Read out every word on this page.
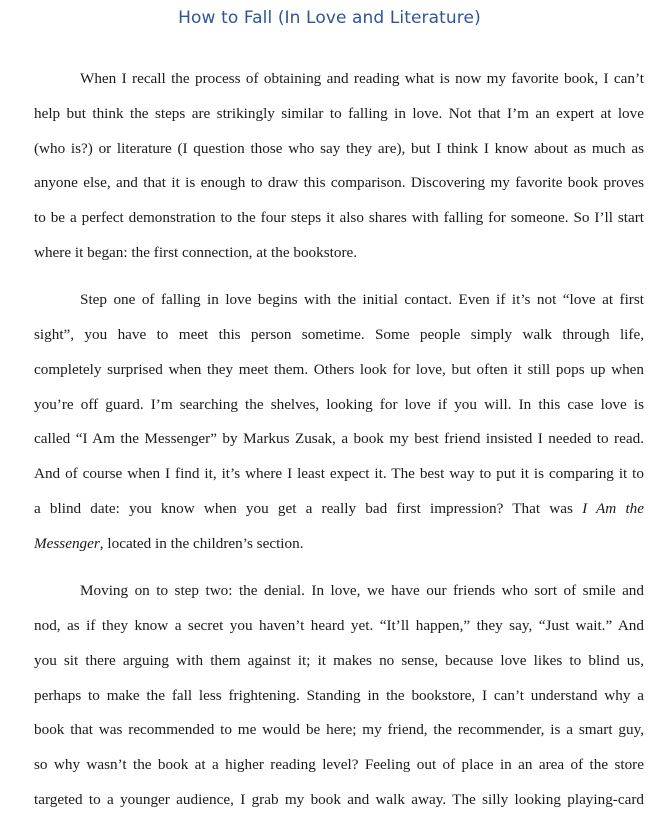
How to Fall (In Love and Literature)
When I recall the process of obtaining and reading what is now my favorite book, I can’t
help but think the steps are strikingly similar to falling in love. Not that I’m an expert at love
(who is?) or literature (I question those who say they are), but I think I know about as much as
anyone else, and that it is enough to draw this comparison. Discovering my favorite book proves
to be a perfect demonstration to the four steps it also shares with falling for someone. So I’ll start
where it began: the first connection, at the bookstore.
Step one of falling in love begins with the initial contact. Even if it’s not “love at first
sight”, you have to meet this person sometime. Some people simply walk through life,
completely surprised when they meet them. Others look for love, but often it still pops up when
you’re off guard. I’m searching the shelves, looking for love if you will. In this case love is
called “I Am the Messenger” by Markus Zusak, a book my best friend insisted I needed to read.
And of course when I find it, it’s where I least expect it. The best way to put it is comparing it to
a blind date: you know when you get a really bad first impression? That was I Am the
Messenger, located in the children’s section.
Moving on to step two: the denial. In love, we have our friends who sort of smile and
nod, as if they know a secret you haven’t heard yet. “It’ll happen,” they say, “Just wait.” And
you sit there arguing with them against it; it makes no sense, because love likes to blind us,
perhaps to make the fall less frightening. Standing in the bookstore, I can’t understand why a
book that was recommended to me would be here; my friend, the recommender, is a smart guy,
so why wasn’t the book at a higher reading level? Feeling out of place in an area of the store
targeted to a younger audience, I grab my book and walk away. The silly looking playing-card
